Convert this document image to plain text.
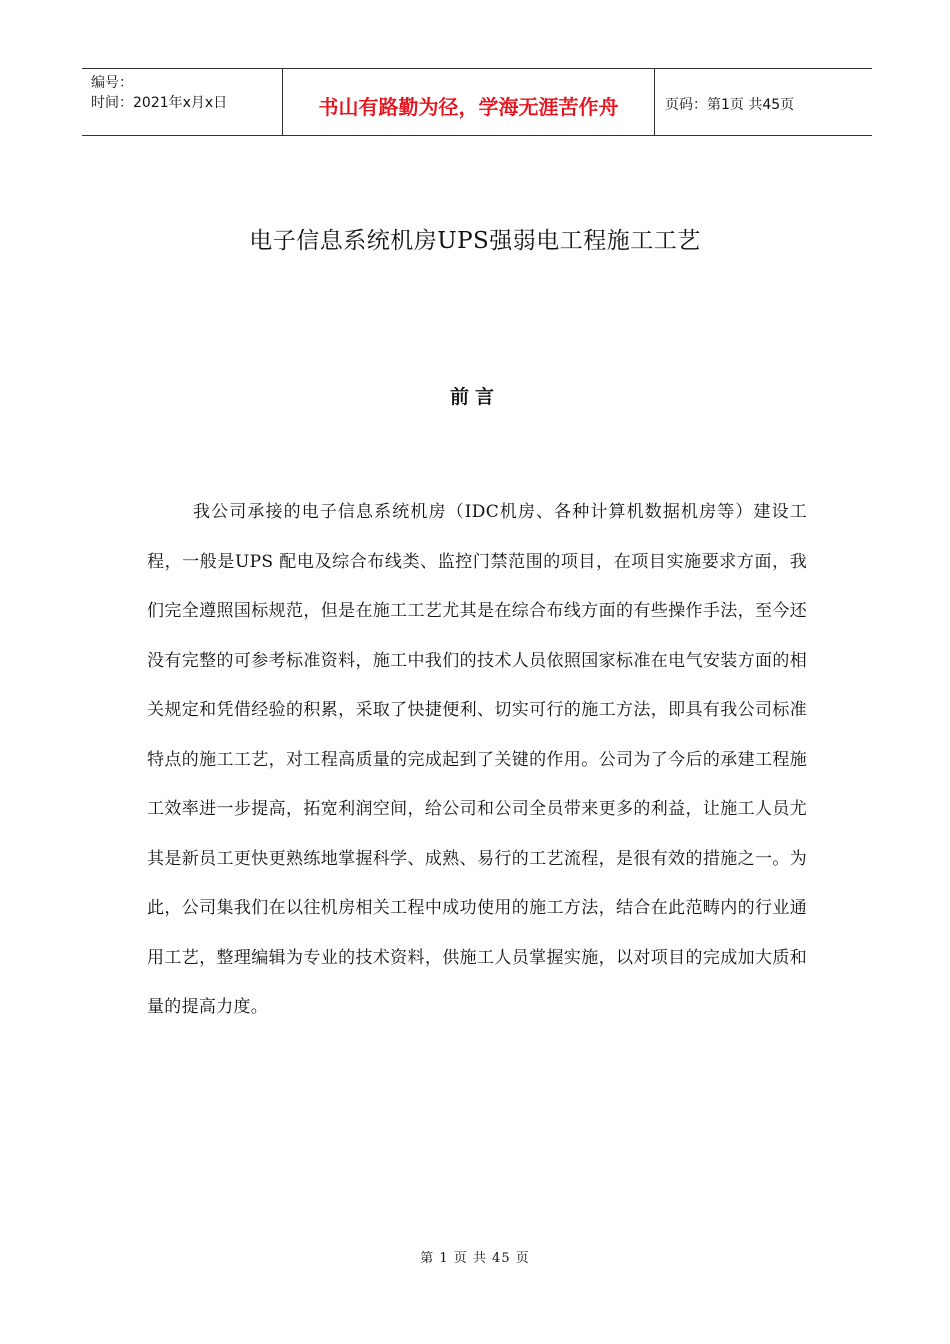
编号：
时间：2021年x月x日	书山有路勤为径，学海无涯苦作舟	页码：第1页 共45页
电子信息系统机房UPS强弱电工程施工工艺
前言

我公司承接的电子信息系统机房（IDC机房、各种计算机数据机房等）建设工程，一般是UPS 配电及综合布线类、监控门禁范围的项目，在项目实施要求方面，我们完全遵照国标规范，但是在施工工艺尤其是在综合布线方面的有些操作手法，至今还没有完整的可参考标准资料，施工中我们的技术人员依照国家标准在电气安装方面的相关规定和凭借经验的积累，采取了快捷便利、切实可行的施工方法，即具有我公司标准特点的施工工艺，对工程高质量的完成起到了关键的作用。公司为了今后的承建工程施工效率进一步提高，拓宽利润空间，给公司和公司全员带来更多的利益，让施工人员尤其是新员工更快更熟练地掌握科学、成熟、易行的工艺流程，是很有效的措施之一。为此，公司集我们在以往机房相关工程中成功使用的施工方法，结合在此范畴内的行业通用工艺，整理编辑为专业的技术资料，供施工人员掌握实施，以对项目的完成加大质和量的提高力度。

第 1 页 共 45 页
